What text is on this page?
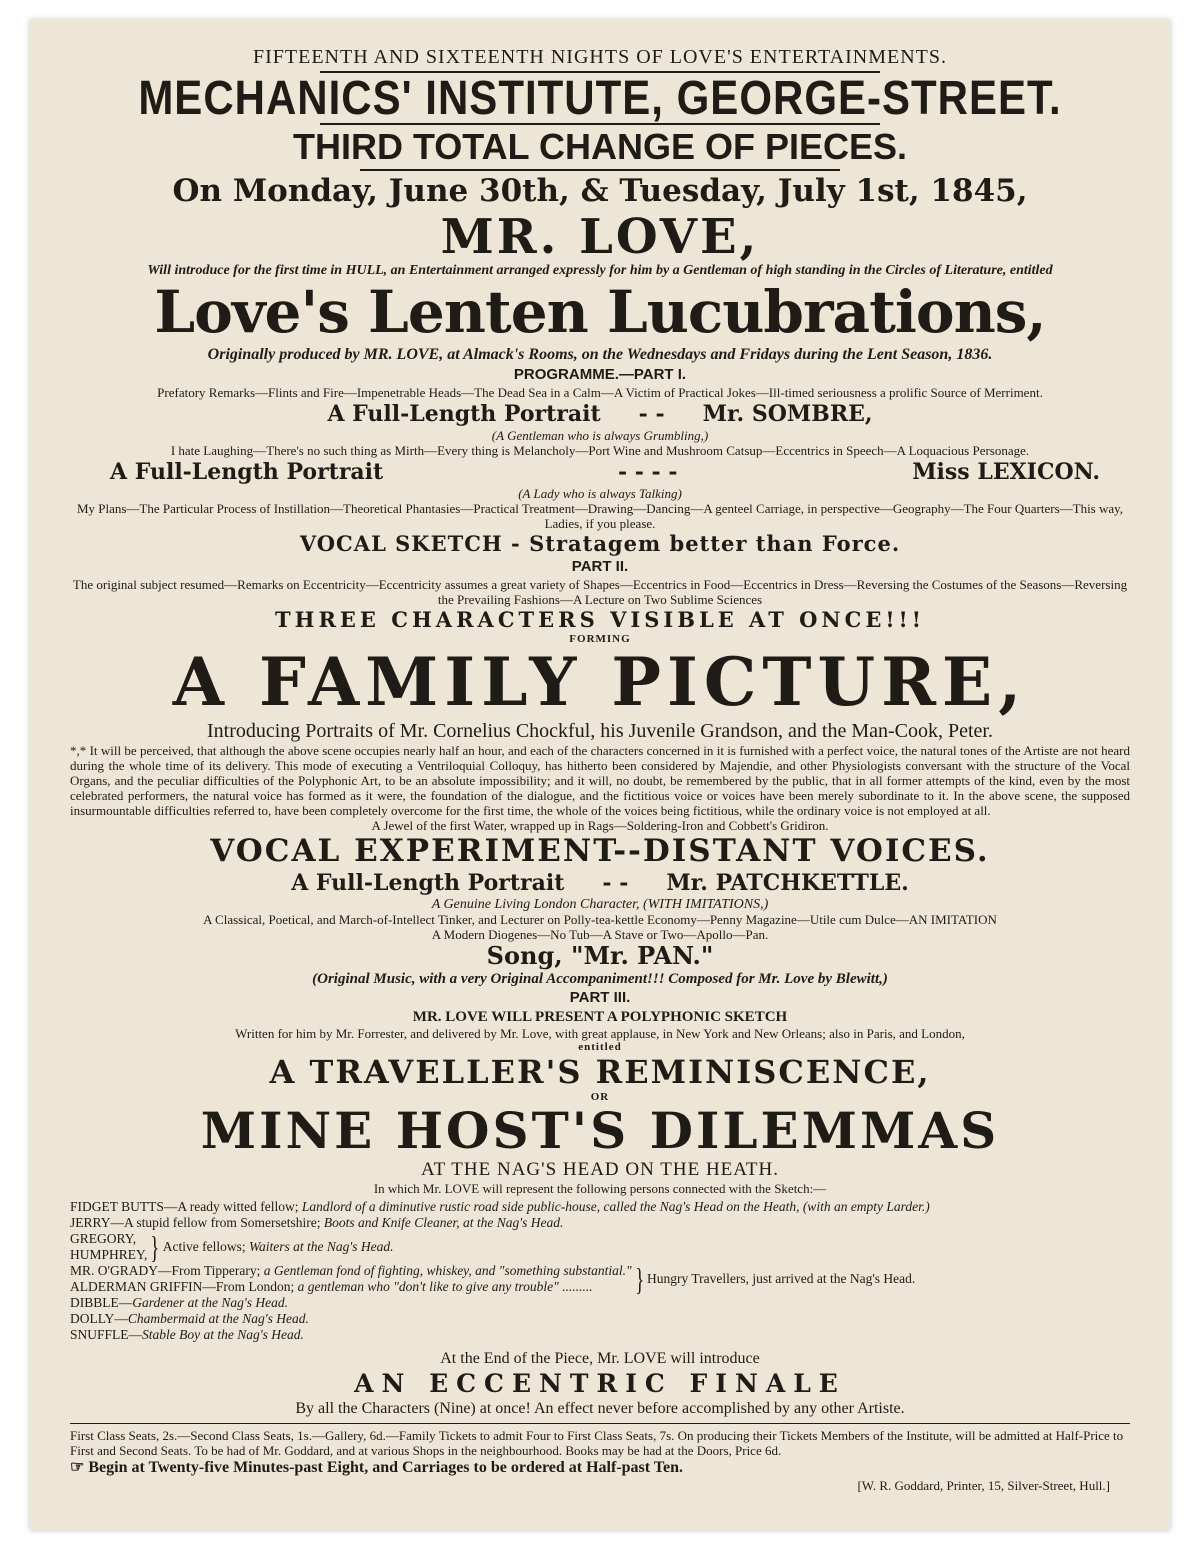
FIFTEENTH AND SIXTEENTH NIGHTS OF LOVE'S ENTERTAINMENTS.
MECHANICS' INSTITUTE, GEORGE-STREET.
THIRD TOTAL CHANGE OF PIECES.
On Monday, June 30th, & Tuesday, July 1st, 1845,
MR. LOVE,
Will introduce for the first time in HULL, an Entertainment arranged expressly for him by a Gentleman of high standing in the Circles of Literature, entitled
Love's Lenten Lucubrations,
Originally produced by MR. LOVE, at Almack's Rooms, on the Wednesdays and Fridays during the Lent Season, 1836.
PROGRAMME.—PART I.
Prefatory Remarks—Flints and Fire—Impenetrable Heads—The Dead Sea in a Calm—A Victim of Practical Jokes—Ill-timed seriousness a prolific Source of Merriment.
A Full-Length Portrait - - Mr. SOMBRE,
(A Gentleman who is always Grumbling,)
I hate Laughing—There's no such thing as Mirth—Every thing is Melancholy—Port Wine and Mushroom Catsup—Eccentrics in Speech—A Loquacious Personage.
A Full-Length Portrait	- - - -	Miss LEXICON.
(A Lady who is always Talking)
My Plans—The Particular Process of Instillation—Theoretical Phantasies—Practical Treatment—Drawing—Dancing—A genteel Carriage, in perspective—Geography—The Four Quarters—This way, Ladies, if you please.
VOCAL SKETCH - Stratagem better than Force.
PART II.
The original subject resumed—Remarks on Eccentricity—Eccentricity assumes a great variety of Shapes—Eccentrics in Food—Eccentrics in Dress—Reversing the Costumes of the Seasons—Reversing the Prevailing Fashions—A Lecture on Two Sublime Sciences
THREE CHARACTERS VISIBLE AT ONCE!!!
FORMING
A FAMILY PICTURE,
Introducing Portraits of Mr. Cornelius Chockful, his Juvenile Grandson, and the Man-Cook, Peter.
*,* It will be perceived, that although the above scene occupies nearly half an hour, and each of the characters concerned in it is furnished with a perfect voice, the natural tones of the Artiste are not heard during the whole time of its delivery. This mode of executing a Ventriloquial Colloquy, has hitherto been considered by Majendie, and other Physiologists conversant with the structure of the Vocal Organs, and the peculiar difficulties of the Polyphonic Art, to be an absolute impossibility; and it will, no doubt, be remembered by the public, that in all former attempts of the kind, even by the most celebrated performers, the natural voice has formed as it were, the foundation of the dialogue, and the fictitious voice or voices have been merely subordinate to it. In the above scene, the supposed insurmountable difficulties referred to, have been completely overcome for the first time, the whole of the voices being fictitious, while the ordinary voice is not employed at all.
A Jewel of the first Water, wrapped up in Rags—Soldering-Iron and Cobbett's Gridiron.
VOCAL EXPERIMENT--DISTANT VOICES.
A Full-Length Portrait - - Mr. PATCHKETTLE.
A Genuine Living London Character, (WITH IMITATIONS,)
A Classical, Poetical, and March-of-Intellect Tinker, and Lecturer on Polly-tea-kettle Economy—Penny Magazine—Utile cum Dulce—AN IMITATION
A Modern Diogenes—No Tub—A Stave or Two—Apollo—Pan.
Song, "Mr. PAN."
(Original Music, with a very Original Accompaniment!!! Composed for Mr. Love by Blewitt,)
PART III.
MR. LOVE WILL PRESENT A POLYPHONIC SKETCH
Written for him by Mr. Forrester, and delivered by Mr. Love, with great applause, in New York and New Orleans; also in Paris, and London,
entitled
A TRAVELLER'S REMINISCENCE,
OR
MINE HOST'S DILEMMAS
AT THE NAG'S HEAD ON THE HEATH.
In which Mr. LOVE will represent the following persons connected with the Sketch:—
FIDGET BUTTS—A ready witted fellow; Landlord of a diminutive rustic road side public-house, called the Nag's Head on the Heath, (with an empty Larder.)
JERRY—A stupid fellow from Somersetshire; Boots and Knife Cleaner, at the Nag's Head.
GREGORY,
HUMPHREY, } Active fellows;
Waiters at the Nag's Head.
MR. O'GRADY—From Tipperary; a Gentleman fond of fighting, whiskey, and "something substantial."
ALDERMAN GRIFFIN—From London; a gentleman who "don't like to give any trouble" .........	} Hungry Travellers, just arrived at the Nag's Head.
DIBBLE—Gardener at the Nag's Head.
DOLLY—Chambermaid at the Nag's Head.
SNUFFLE—Stable Boy at the Nag's Head.
At the End of the Piece, Mr. LOVE will introduce
AN ECCENTRIC FINALE
By all the Characters (Nine) at once! An effect never before accomplished by any other Artiste.
First Class Seats, 2s.—Second Class Seats, 1s.—Gallery, 6d.—Family Tickets to admit Four to First Class Seats, 7s. On producing their Tickets Members of the Institute, will be admitted at Half-Price to First and Second Seats. To be had of Mr. Goddard, and at various Shops in the neighbourhood. Books may be had at the Doors, Price 6d.
☞ Begin at Twenty-five Minutes-past Eight, and Carriages to be ordered at Half-past Ten.
[W. R. Goddard, Printer, 15, Silver-Street, Hull.]
